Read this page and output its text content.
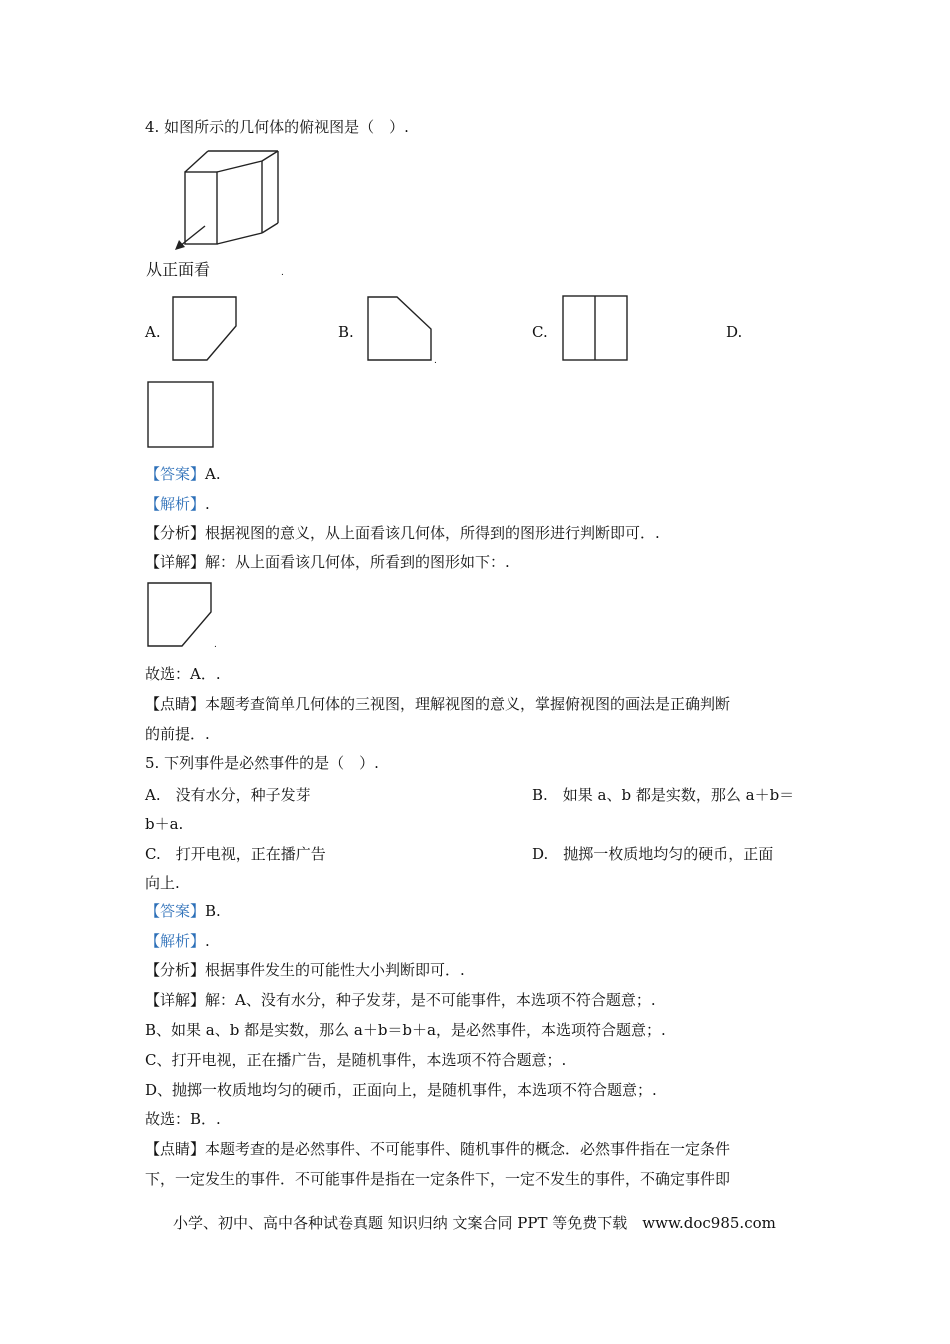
4. 如图所示的几何体的俯视图是（　）.
从正面看	.
A.	B.
.
C.	D.
【答案】A.
【解析】.
【分析】根据视图的意义，从上面看该几何体，所得到的图形进行判断即可．.
【详解】解：从上面看该几何体，所看到的图形如下：.
.
故选：A．.
【点睛】本题考查简单几何体的三视图，理解视图的意义，掌握俯视图的画法是正确判断
的前提．.
5. 下列事件是必然事件的是（　）.
A.　没有水分，种子发芽	B.　如果 a、b 都是实数，那么 a＋b＝
b＋a.
C.　打开电视，正在播广告	D.　抛掷一枚质地均匀的硬币，正面
向上.
【答案】B.
【解析】.
【分析】根据事件发生的可能性大小判断即可．.
【详解】解：A、没有水分，种子发芽，是不可能事件，本选项不符合题意；.
B、如果 a、b 都是实数，那么 a＋b＝b＋a，是必然事件，本选项符合题意；.
C、打开电视，正在播广告，是随机事件，本选项不符合题意；.
D、抛掷一枚质地均匀的硬币，正面向上，是随机事件，本选项不符合题意；.
故选：B．.
【点睛】本题考查的是必然事件、不可能事件、随机事件的概念．必然事件指在一定条件
下，一定发生的事件．不可能事件是指在一定条件下，一定不发生的事件，不确定事件即
小学、初中、高中各种试卷真题 知识归纳 文案合同 PPT 等免费下载　www.doc985.com
